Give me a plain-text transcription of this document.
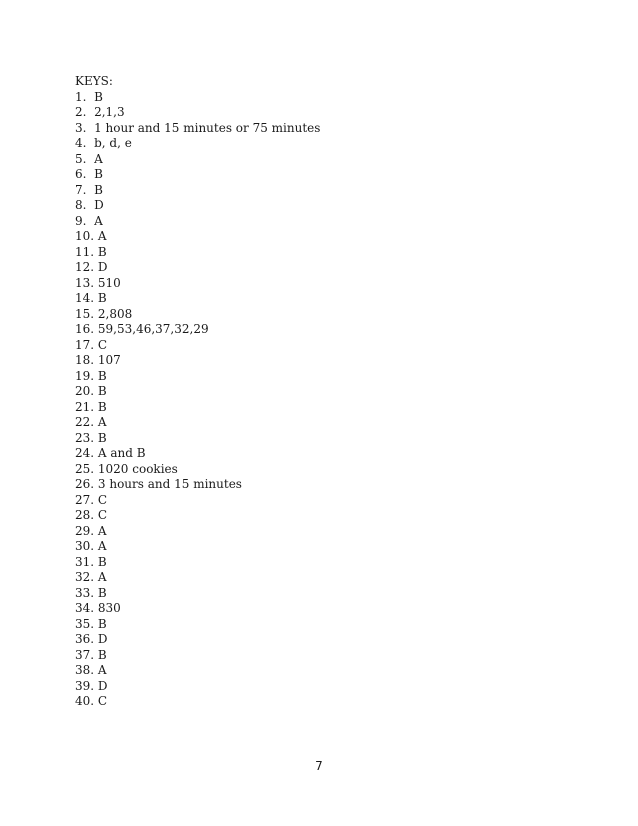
KEYS:
1.  B
2.  2,1,3
3.  1 hour and 15 minutes or 75 minutes
4.  b, d, e
5.  A
6.  B
7.  B
8.  D
9.  A
10. A
11. B
12. D
13. 510
14. B
15. 2,808
16. 59,53,46,37,32,29
17. C
18. 107
19. B
20. B
21. B
22. A
23. B
24. A and B
25. 1020 cookies
26. 3 hours and 15 minutes
27. C
28. C
29. A
30. A
31. B
32. A
33. B
34. 830
35. B
36. D
37. B
38. A
39. D
40. C
7
